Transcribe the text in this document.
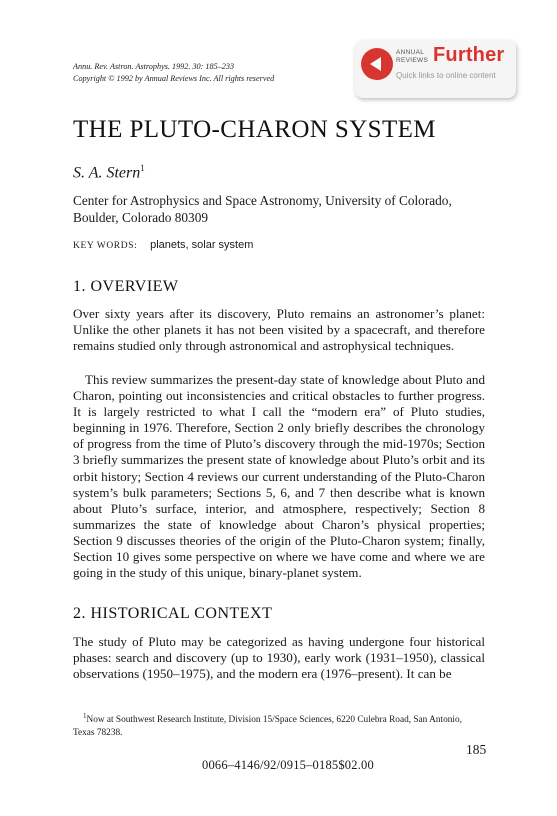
Annu. Rev. Astron. Astrophys. 1992. 30: 185–233
Copyright © 1992 by Annual Reviews Inc. All rights reserved
ANNUAL REVIEWS Further
Quick links to online content
THE PLUTO-CHARON SYSTEM
S. A. Stern$^1$
Center for Astrophysics and Space Astronomy, University of Colorado, Boulder, Colorado 80309
KEY WORDS: planets, solar system
1. OVERVIEW
Over sixty years after its discovery, Pluto remains an astronomer’s planet: Unlike the other planets it has not been visited by a spacecraft, and therefore remains studied only through astronomical and astrophysical techniques.
This review summarizes the present-day state of knowledge about Pluto and Charon, pointing out inconsistencies and critical obstacles to further progress. It is largely restricted to what I call the “modern era” of Pluto studies, beginning in 1976. Therefore, Section 2 only briefly describes the chronology of progress from the time of Pluto’s discovery through the mid-1970s; Section 3 briefly summarizes the present state of knowledge about Pluto’s orbit and its orbit history; Section 4 reviews our current understanding of the Pluto-Charon system’s bulk parameters; Sections 5, 6, and 7 then describe what is known about Pluto’s surface, interior, and atmosphere, respectively; Section 8 summarizes the state of knowledge about Charon’s physical properties; Section 9 discusses theories of the origin of the Pluto-Charon system; finally, Section 10 gives some perspective on where we have come and where we are going in the study of this unique, binary-planet system.
2. HISTORICAL CONTEXT
The study of Pluto may be categorized as having undergone four historical phases: search and discovery (up to 1930), early work (1931–1950), classical observations (1950–1975), and the modern era (1976–present). It can be
$^1$Now at Southwest Research Institute, Division 15/Space Sciences, 6220 Culebra Road, San Antonio, Texas 78238.
185
0066–4146/92/0915–0185$02.00
